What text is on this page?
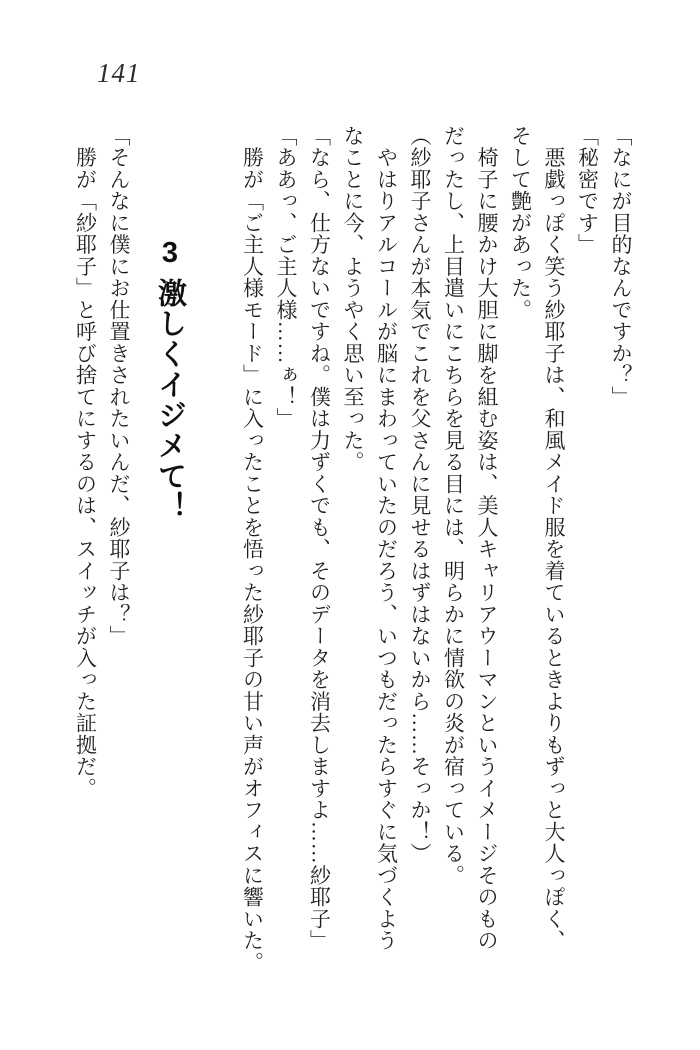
141
「なにが目的なんですか？」
「秘密です」
　悪戯っぽく笑う紗耶子は、和風メイド服を着ているときよりもずっと大人っぽく、
そして艶があった。
　椅子に腰かけ大胆に脚を組む姿は、美人キャリアウーマンというイメージそのもの
だったし、上目遣いにこちらを見る目には、明らかに情欲の炎が宿っている。
（紗耶子さんが本気でこれを父さんに見せるはずはないから……そっか！）
　やはりアルコールが脳にまわっていたのだろう、いつもだったらすぐに気づくよう
なことに今、ようやく思い至った。
「なら、仕方ないですね。僕は力ずくでも、そのデータを消去しますよ……紗耶子」
「ああっ、ご主人様……ぁ！」
　勝が「ご主人様モード」に入ったことを悟った紗耶子の甘い声がオフィスに響いた。
3激しくイジメて！
「そんなに僕にお仕置きされたいんだ、紗耶子は？」
　勝が「紗耶子」と呼び捨てにするのは、スイッチが入った証拠だ。
